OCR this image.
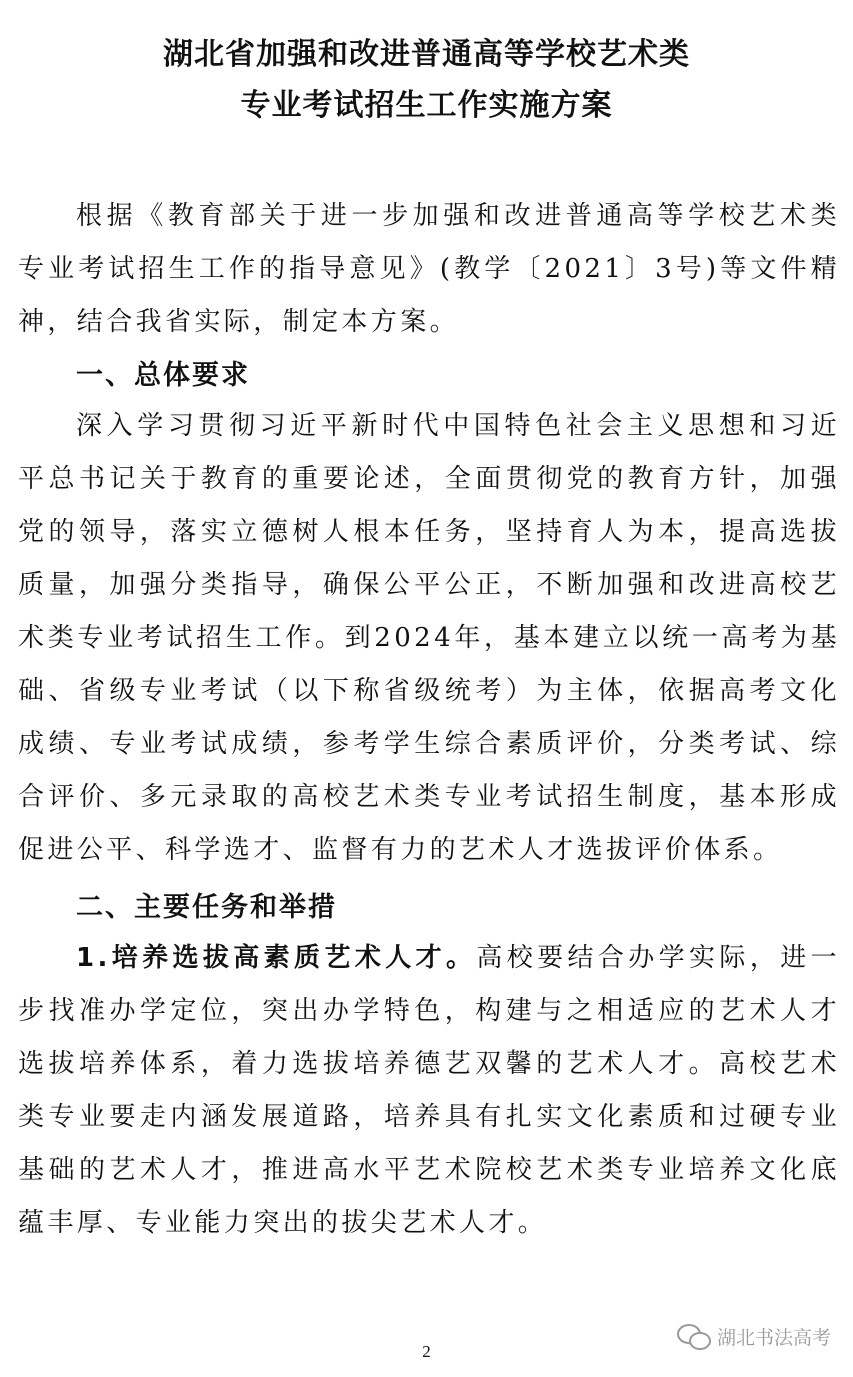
湖北省加强和改进普通高等学校艺术类
专业考试招生工作实施方案

根据《教育部关于进一步加强和改进普通高等学校艺术类专业考试招生工作的指导意见》(教学〔2021〕3号)等文件精神，结合我省实际，制定本方案。

一、总体要求

深入学习贯彻习近平新时代中国特色社会主义思想和习近平总书记关于教育的重要论述，全面贯彻党的教育方针，加强党的领导，落实立德树人根本任务，坚持育人为本，提高选拔质量，加强分类指导，确保公平公正，不断加强和改进高校艺术类专业考试招生工作。到2024年，基本建立以统一高考为基础、省级专业考试（以下称省级统考）为主体，依据高考文化成绩、专业考试成绩，参考学生综合素质评价，分类考试、综合评价、多元录取的高校艺术类专业考试招生制度，基本形成促进公平、科学选才、监督有力的艺术人才选拔评价体系。

二、主要任务和举措

1.培养选拔高素质艺术人才。高校要结合办学实际，进一步找准办学定位，突出办学特色，构建与之相适应的艺术人才选拔培养体系，着力选拔培养德艺双馨的艺术人才。高校艺术类专业要走内涵发展道路，培养具有扎实文化素质和过硬专业基础的艺术人才，推进高水平艺术院校艺术类专业培养文化底蕴丰厚、专业能力突出的拔尖艺术人才。

2
湖北书法高考
